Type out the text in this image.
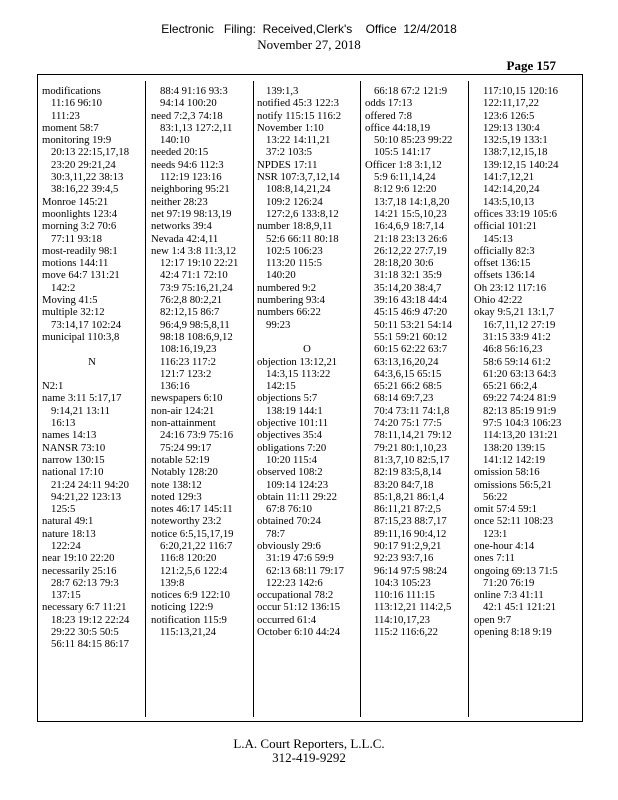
Electronic   Filing:  Received,Clerk's    Office  12/4/2018
November 27, 2018
Page 157
modifications
11:16 96:10
111:23
moment 58:7
monitoring 19:9
20:13 22:15,17,18
23:20 29:21,24
30:3,11,22 38:13
38:16,22 39:4,5
Monroe 145:21
moonlights 123:4
morning 3:2 70:6
77:11 93:18
most-readily 98:1
motions 144:11
move 64:7 131:21
142:2
Moving 41:5
multiple 32:12
73:14,17 102:24
municipal 110:3,8

N

N2:1
name 3:11 5:17,17
9:14,21 13:11
16:13
names 14:13
NANSR 73:10
narrow 130:15
national 17:10
21:24 24:11 94:20
94:21,22 123:13
125:5
natural 49:1
nature 18:13
122:24
near 19:10 22:20
necessarily 25:16
28:7 62:13 79:3
137:15
necessary 6:7 11:21
18:23 19:12 22:24
29:22 30:5 50:5
56:11 84:15 86:17
88:4 91:16 93:3
94:14 100:20
need 7:2,3 74:18
83:1,13 127:2,11
140:10
needed 20:15
needs 94:6 112:3
112:19 123:16
neighboring 95:21
neither 28:23
net 97:19 98:13,19
networks 39:4
Nevada 42:4,11
new 1:4 3:8 11:3,12
12:17 19:10 22:21
42:4 71:1 72:10
73:9 75:16,21,24
76:2,8 80:2,21
82:12,15 86:7
96:4,9 98:5,8,11
98:18 108:6,9,12
108:16,19,23
116:23 117:2
121:7 123:2
136:16
newspapers 6:10
non-air 124:21
non-attainment
24:16 73:9 75:16
75:24 99:17
notable 52:19
Notably 128:20
note 138:12
noted 129:3
notes 46:17 145:11
noteworthy 23:2
notice 6:5,15,17,19
6:20,21,22 116:7
116:8 120:20
121:2,5,6 122:4
139:8
notices 6:9 122:10
noticing 122:9
notification 115:9
115:13,21,24
139:1,3
notified 45:3 122:3
notify 115:15 116:2
November 1:10
13:22 14:11,21
37:2 103:5
NPDES 17:11
NSR 107:3,7,12,14
108:8,14,21,24
109:2 126:24
127:2,6 133:8,12
number 18:8,9,11
52:6 66:11 80:18
102:5 106:23
113:20 115:5
140:20
numbered 9:2
numbering 93:4
numbers 66:22
99:23

O
objection 13:12,21
14:3,15 113:22
142:15
objections 5:7
138:19 144:1
objective 101:11
objectives 35:4
obligations 7:20
10:20 115:4
observed 108:2
109:14 124:23
obtain 11:11 29:22
67:8 76:10
obtained 70:24
78:7
obviously 29:6
31:19 47:6 59:9
62:13 68:11 79:17
122:23 142:6
occupational 78:2
occur 51:12 136:15
occurred 61:4
October 6:10 44:24
66:18 67:2 121:9
odds 17:13
offered 7:8
office 44:18,19
50:10 85:23 99:22
105:5 141:17
Officer 1:8 3:1,12
5:9 6:11,14,24
8:12 9:6 12:20
13:7,18 14:1,8,20
14:21 15:5,10,23
16:4,6,9 18:7,14
21:18 23:13 26:6
26:12,22 27:7,19
28:18,20 30:6
31:18 32:1 35:9
35:14,20 38:4,7
39:16 43:18 44:4
45:15 46:9 47:20
50:11 53:21 54:14
55:1 59:21 60:12
60:15 62:22 63:7
63:13,16,20,24
64:3,6,15 65:15
65:21 66:2 68:5
68:14 69:7,23
70:4 73:11 74:1,8
74:20 75:1 77:5
78:11,14,21 79:12
79:21 80:1,10,23
81:3,7,10 82:5,17
82:19 83:5,8,14
83:20 84:7,18
85:1,8,21 86:1,4
86:11,21 87:2,5
87:15,23 88:7,17
89:11,16 90:4,12
90:17 91:2,9,21
92:23 93:7,16
96:14 97:5 98:24
104:3 105:23
110:16 111:15
113:12,21 114:2,5
114:10,17,23
115:2 116:6,22
117:10,15 120:16
122:11,17,22
123:6 126:5
129:13 130:4
132:5,19 133:1
138:7,12,15,18
139:12,15 140:24
141:7,12,21
142:14,20,24
143:5,10,13
offices 33:19 105:6
official 101:21
145:13
officially 82:3
offset 136:15
offsets 136:14
Oh 23:12 117:16
Ohio 42:22
okay 9:5,21 13:1,7
16:7,11,12 27:19
31:15 33:9 41:2
46:8 56:16,23
58:6 59:14 61:2
61:20 63:13 64:3
65:21 66:2,4
69:22 74:24 81:9
82:13 85:19 91:9
97:5 104:3 106:23
114:13,20 131:21
138:20 139:15
141:12 142:19
omission 58:16
omissions 56:5,21
56:22
omit 57:4 59:1
once 52:11 108:23
123:1
one-hour 4:14
ones 7:11
ongoing 69:13 71:5
71:20 76:19
online 7:3 41:11
42:1 45:1 121:21
open 9:7
opening 8:18 9:19
L.A. Court Reporters, L.L.C.
312-419-9292
